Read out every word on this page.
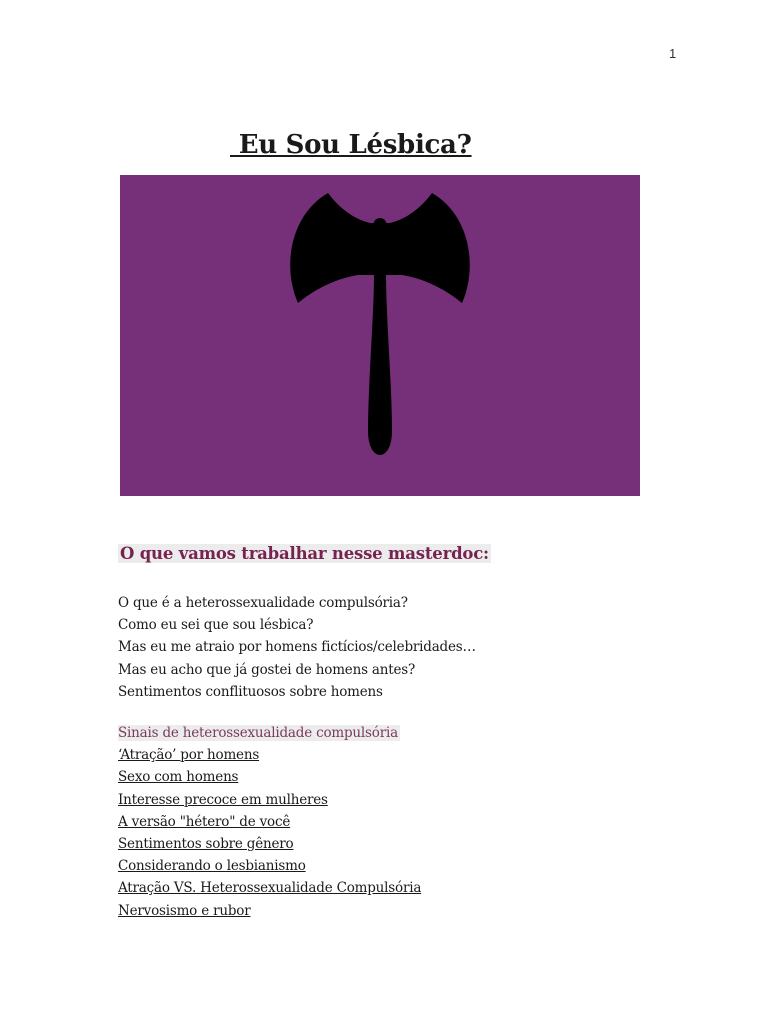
1
Eu Sou Lésbica?
O que vamos trabalhar nesse masterdoc:
O que é a heterossexualidade compulsória?
Como eu sei que sou lésbica?
Mas eu me atraio por homens fictícios/celebridades…
Mas eu acho que já gostei de homens antes?
Sentimentos conflituosos sobre homens
Sinais de heterossexualidade compulsória
‘Atração’ por homens
Sexo com homens
Interesse precoce em mulheres
A versão "hétero" de você
Sentimentos sobre gênero
Considerando o lesbianismo
Atração VS. Heterossexualidade Compulsória
Nervosismo e rubor
